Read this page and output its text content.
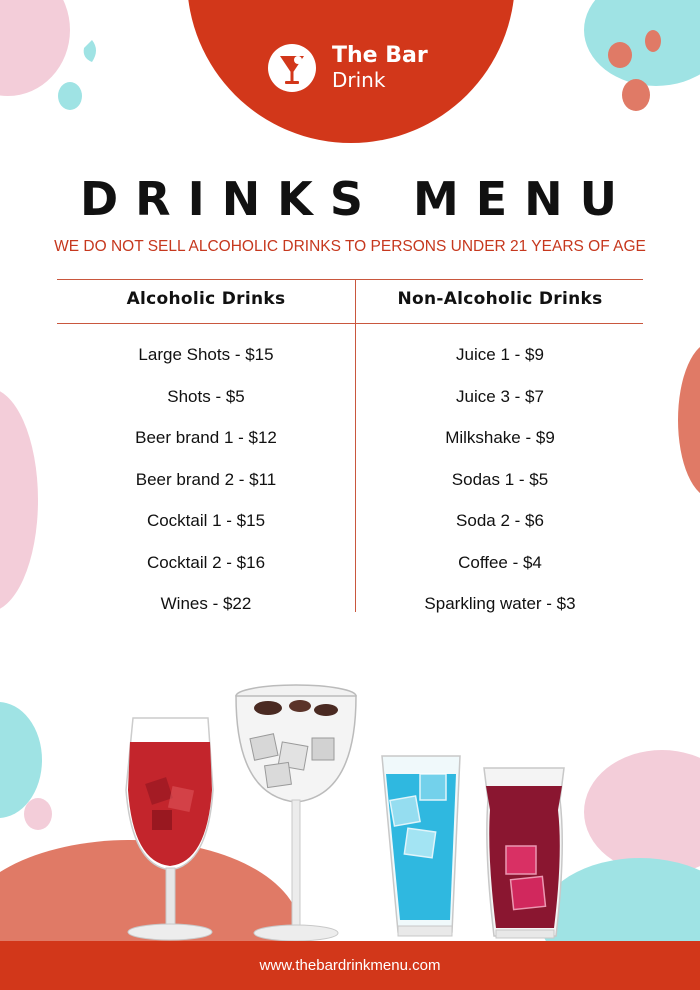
The Bar
Drink
DRINKS MENU
WE DO NOT SELL ALCOHOLIC DRINKS TO PERSONS UNDER 21 YEARS OF AGE
Alcoholic Drinks	Non-Alcoholic Drinks
Large Shots - $15
Shots - $5
Beer brand 1 - $12
Beer brand 2 - $11
Cocktail 1 - $15
Cocktail 2 - $16
Wines - $22
Juice 1 - $9
Juice 3 - $7
Milkshake - $9
Sodas 1 - $5
Soda 2 - $6
Coffee - $4
Sparkling water - $3
www.thebardrinkmenu.com
